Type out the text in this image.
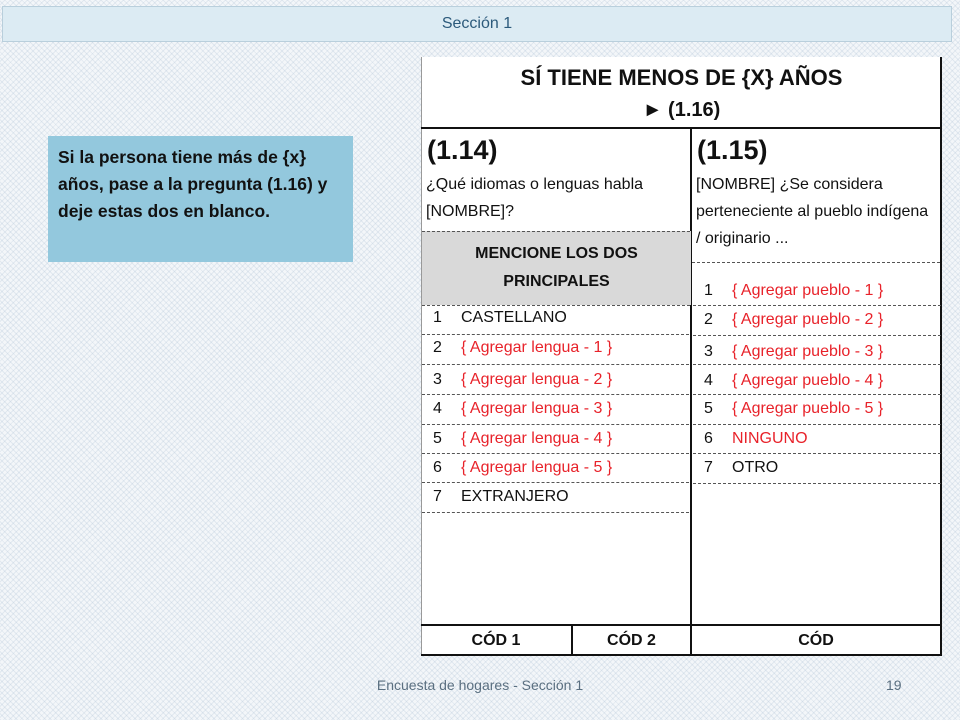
Sección 1
Si la persona tiene más de {x} años, pase a la pregunta (1.16) y deje estas dos en blanco.
SÍ TIENE MENOS DE {X} AÑOS
► (1.16)
(1.14)
¿Qué idiomas o lenguas habla [NOMBRE]?
MENCIONE LOS DOS PRINCIPALES
(1.15)
[NOMBRE] ¿Se considera perteneciente al pueblo indígena / originario ...
1	CASTELLANO
2	{ Agregar lengua - 1 }
3	{ Agregar lengua - 2 }
4	{ Agregar lengua - 3 }
5	{ Agregar lengua - 4 }
6	{ Agregar lengua - 5 }
7	EXTRANJERO
1	{ Agregar pueblo - 1 }
2	{ Agregar pueblo - 2 }
3	{ Agregar pueblo - 3 }
4	{ Agregar pueblo - 4 }
5	{ Agregar pueblo - 5 }
6	NINGUNO
7	OTRO
CÓD 1	CÓD 2	CÓD
Encuesta de hogares - Sección 1	19
